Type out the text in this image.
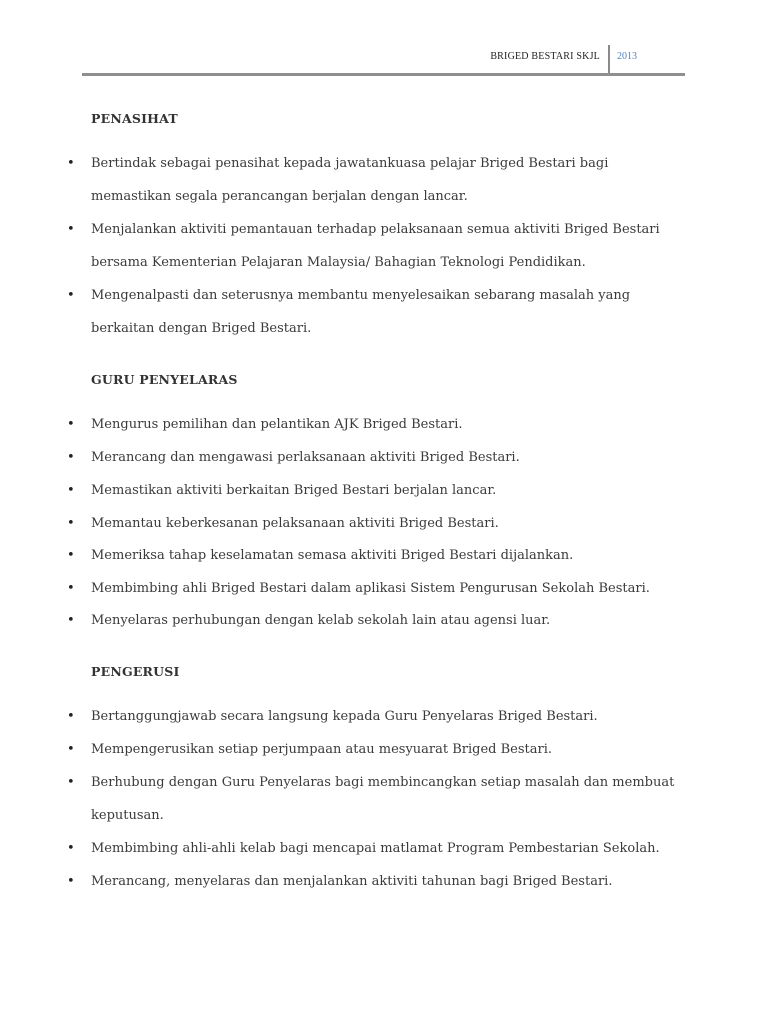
BRIGED BESTARI SKJL 2013
PENASIHAT
• Bertindak sebagai penasihat kepada jawatankuasa pelajar Briged Bestari bagi memastikan segala perancangan berjalan dengan lancar.
• Menjalankan aktiviti pemantauan terhadap pelaksanaan semua aktiviti Briged Bestari bersama Kementerian Pelajaran Malaysia/ Bahagian Teknologi Pendidikan.
• Mengenalpasti dan seterusnya membantu menyelesaikan sebarang masalah yang berkaitan dengan Briged Bestari.
GURU PENYELARAS
• Mengurus pemilihan dan pelantikan AJK Briged Bestari.
• Merancang dan mengawasi perlaksanaan aktiviti Briged Bestari.
• Memastikan aktiviti berkaitan Briged Bestari berjalan lancar.
• Memantau keberkesanan pelaksanaan aktiviti Briged Bestari.
• Memeriksa tahap keselamatan semasa aktiviti Briged Bestari dijalankan.
• Membimbing ahli Briged Bestari dalam aplikasi Sistem Pengurusan Sekolah Bestari.
• Menyelaras perhubungan dengan kelab sekolah lain atau agensi luar.
PENGERUSI
• Bertanggungjawab secara langsung kepada Guru Penyelaras Briged Bestari.
• Mempengerusikan setiap perjumpaan atau mesyuarat Briged Bestari.
• Berhubung dengan Guru Penyelaras bagi membincangkan setiap masalah dan membuat keputusan.
• Membimbing ahli-ahli kelab bagi mencapai matlamat Program Pembestarian Sekolah.
• Merancang, menyelaras dan menjalankan aktiviti tahunan bagi Briged Bestari.
